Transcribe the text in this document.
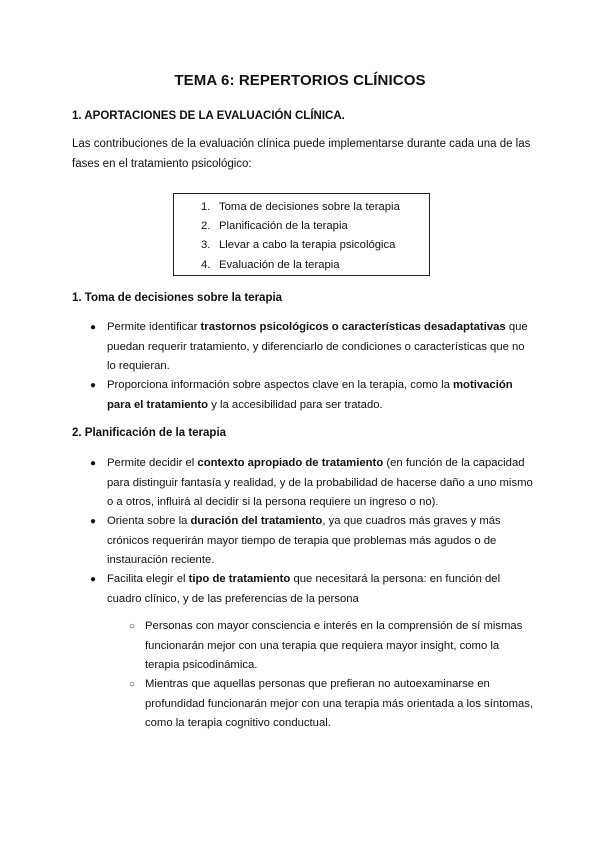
TEMA 6: REPERTORIOS CLÍNICOS
1. APORTACIONES DE LA EVALUACIÓN CLÍNICA.
Las contribuciones de la evaluación clínica puede implementarse durante cada una de las
fases en el tratamiento psicológico:
1. Toma de decisiones sobre la terapia
2. Planificación de la terapia
3. Llevar a cabo la terapia psicológica
4. Evaluación de la terapia
1. Toma de decisiones sobre la terapia
● Permite identificar trastornos psicológicos o características desadaptativas que
puedan requerir tratamiento, y diferenciarlo de condiciones o características que no
lo requieran.
● Proporciona información sobre aspectos clave en la terapia, como la motivación
para el tratamiento y la accesibilidad para ser tratado.
2. Planificación de la terapia
● Permite decidir el contexto apropiado de tratamiento (en función de la capacidad
para distinguir fantasía y realidad, y de la probabilidad de hacerse daño a uno mismo
o a otros, influirá al decidir si la persona requiere un ingreso o no).
● Orienta sobre la duración del tratamiento, ya que cuadros más graves y más
crónicos requerirán mayor tiempo de terapia que problemas más agudos o de
instauración reciente.
● Facilita elegir el tipo de tratamiento que necesitará la persona: en función del
cuadro clínico, y de las preferencias de la persona
○ Personas con mayor consciencia e interés en la comprensión de sí mismas
funcionarán mejor con una terapia que requiera mayor insight, como la
terapia psicodinámica.
○ Mientras que aquellas personas que prefieran no autoexaminarse en
profundidad funcionarán mejor con una terapia más orientada a los síntomas,
como la terapia cognitivo conductual.
